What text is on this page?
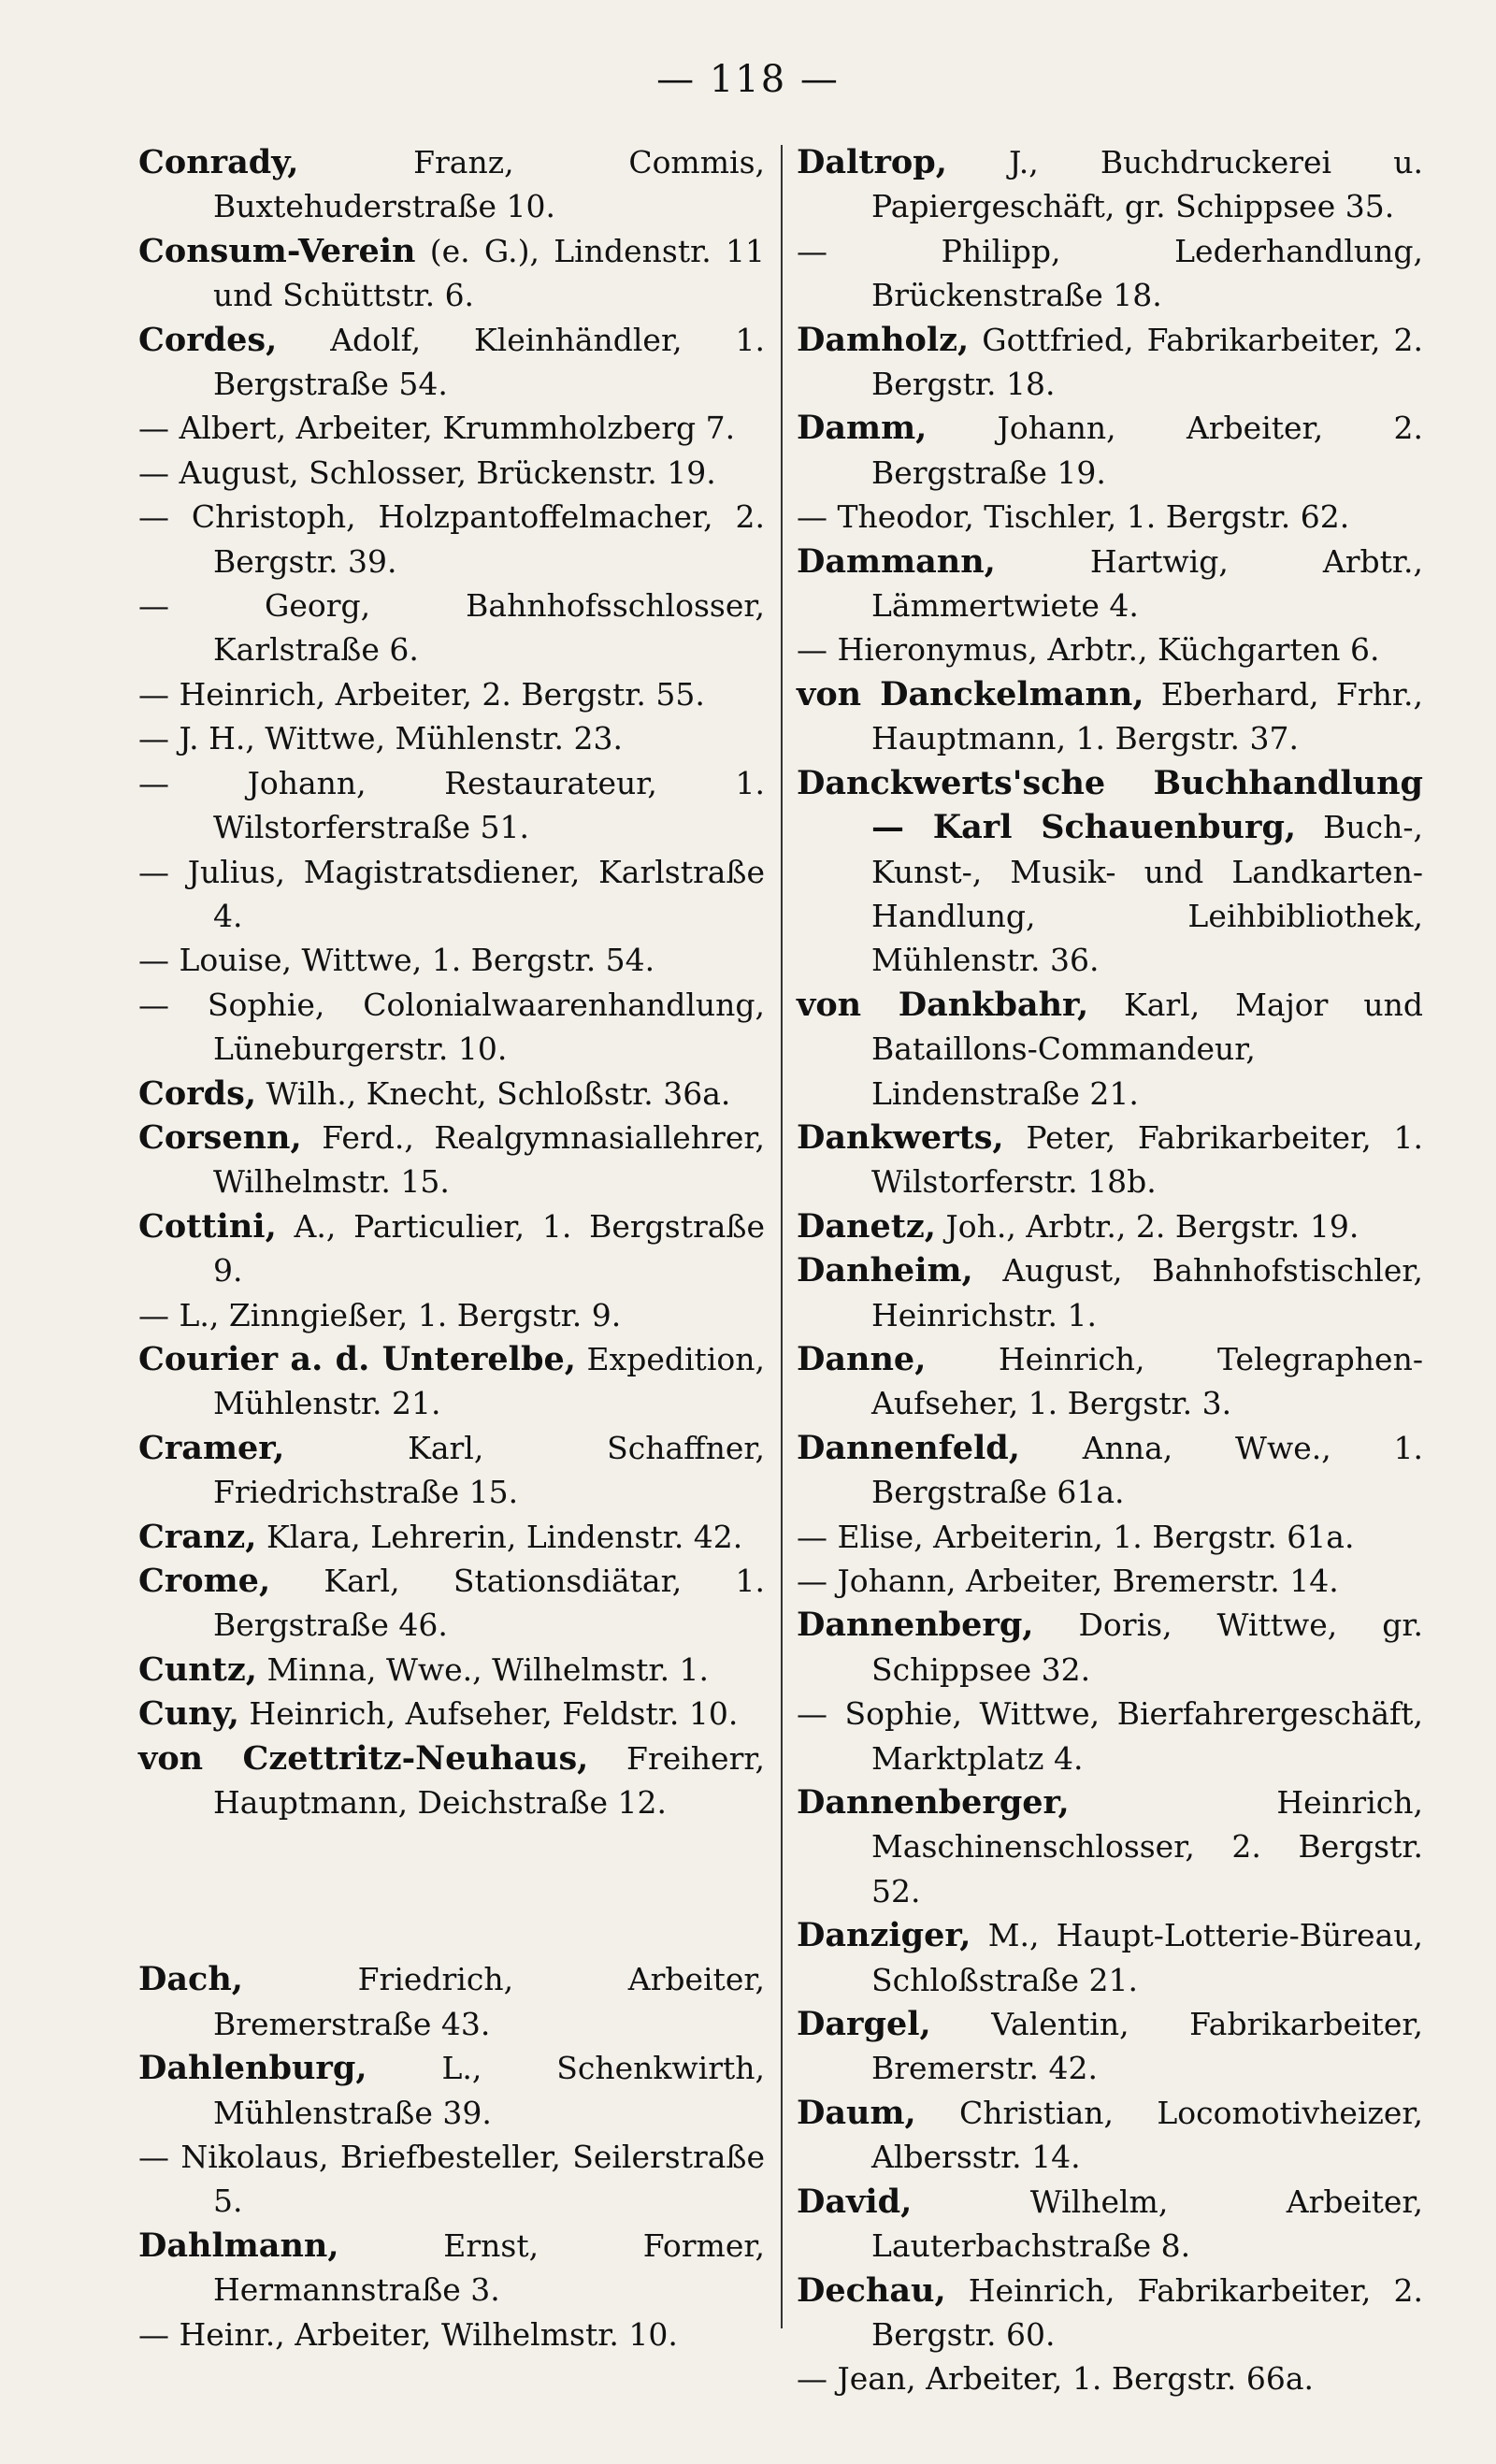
— 118 —
Conrady, Franz, Commis, Buxtehuderstraße 10.
Consum-Verein (e. G.), Lindenstr. 11 und Schüttstr. 6.
Cordes, Adolf, Kleinhändler, 1. Bergstraße 54.
— Albert, Arbeiter, Krummholzberg 7.
— August, Schlosser, Brückenstr. 19.
— Christoph, Holzpantoffelmacher, 2. Bergstr. 39.
— Georg, Bahnhofsschlosser, Karlstraße 6.
— Heinrich, Arbeiter, 2. Bergstr. 55.
— J. H., Wittwe, Mühlenstr. 23.
— Johann, Restaurateur, 1. Wilstorferstraße 51.
— Julius, Magistratsdiener, Karlstraße 4.
— Louise, Wittwe, 1. Bergstr. 54.
— Sophie, Colonialwaarenhandlung, Lüneburgerstr. 10.
Cords, Wilh., Knecht, Schloßstr. 36a.
Corsenn, Ferd., Realgymnasiallehrer, Wilhelmstr. 15.
Cottini, A., Particulier, 1. Bergstraße 9.
— L., Zinngießer, 1. Bergstr. 9.
Courier a. d. Unterelbe, Expedition, Mühlenstr. 21.
Cramer, Karl, Schaffner, Friedrichstraße 15.
Cranz, Klara, Lehrerin, Lindenstr. 42.
Crome, Karl, Stationsdiätar, 1. Bergstraße 46.
Cuntz, Minna, Wwe., Wilhelmstr. 1.
Cuny, Heinrich, Aufseher, Feldstr. 10.
von Czettritz-Neuhaus, Freiherr, Hauptmann, Deichstraße 12.
Dach, Friedrich, Arbeiter, Bremerstraße 43.
Dahlenburg, L., Schenkwirth, Mühlenstraße 39.
— Nikolaus, Briefbesteller, Seilerstraße 5.
Dahlmann, Ernst, Former, Hermannstraße 3.
— Heinr., Arbeiter, Wilhelmstr. 10.
Daltrop, J., Buchdruckerei u. Papiergeschäft, gr. Schippsee 35.
— Philipp, Lederhandlung, Brückenstraße 18.
Damholz, Gottfried, Fabrikarbeiter, 2. Bergstr. 18.
Damm, Johann, Arbeiter, 2. Bergstraße 19.
— Theodor, Tischler, 1. Bergstr. 62.
Dammann, Hartwig, Arbtr., Lämmertwiete 4.
— Hieronymus, Arbtr., Küchgarten 6.
von Danckelmann, Eberhard, Frhr., Hauptmann, 1. Bergstr. 37.
Danckwerts'sche Buchhandlung — Karl Schauenburg, Buch-, Kunst-, Musik- und Landkarten-Handlung, Leihbibliothek, Mühlenstr. 36.
von Dankbahr, Karl, Major und Bataillons-Commandeur, Lindenstraße 21.
Dankwerts, Peter, Fabrikarbeiter, 1. Wilstorferstr. 18b.
Danetz, Joh., Arbtr., 2. Bergstr. 19.
Danheim, August, Bahnhofstischler, Heinrichstr. 1.
Danne, Heinrich, Telegraphen-Aufseher, 1. Bergstr. 3.
Dannenfeld, Anna, Wwe., 1. Bergstraße 61a.
— Elise, Arbeiterin, 1. Bergstr. 61a.
— Johann, Arbeiter, Bremerstr. 14.
Dannenberg, Doris, Wittwe, gr. Schippsee 32.
— Sophie, Wittwe, Bierfahrergeschäft, Marktplatz 4.
Dannenberger, Heinrich, Maschinenschlosser, 2. Bergstr. 52.
Danziger, M., Haupt-Lotterie-Büreau, Schloßstraße 21.
Dargel, Valentin, Fabrikarbeiter, Bremerstr. 42.
Daum, Christian, Locomotivheizer, Albersstr. 14.
David, Wilhelm, Arbeiter, Lauterbachstraße 8.
Dechau, Heinrich, Fabrikarbeiter, 2. Bergstr. 60.
— Jean, Arbeiter, 1. Bergstr. 66a.
